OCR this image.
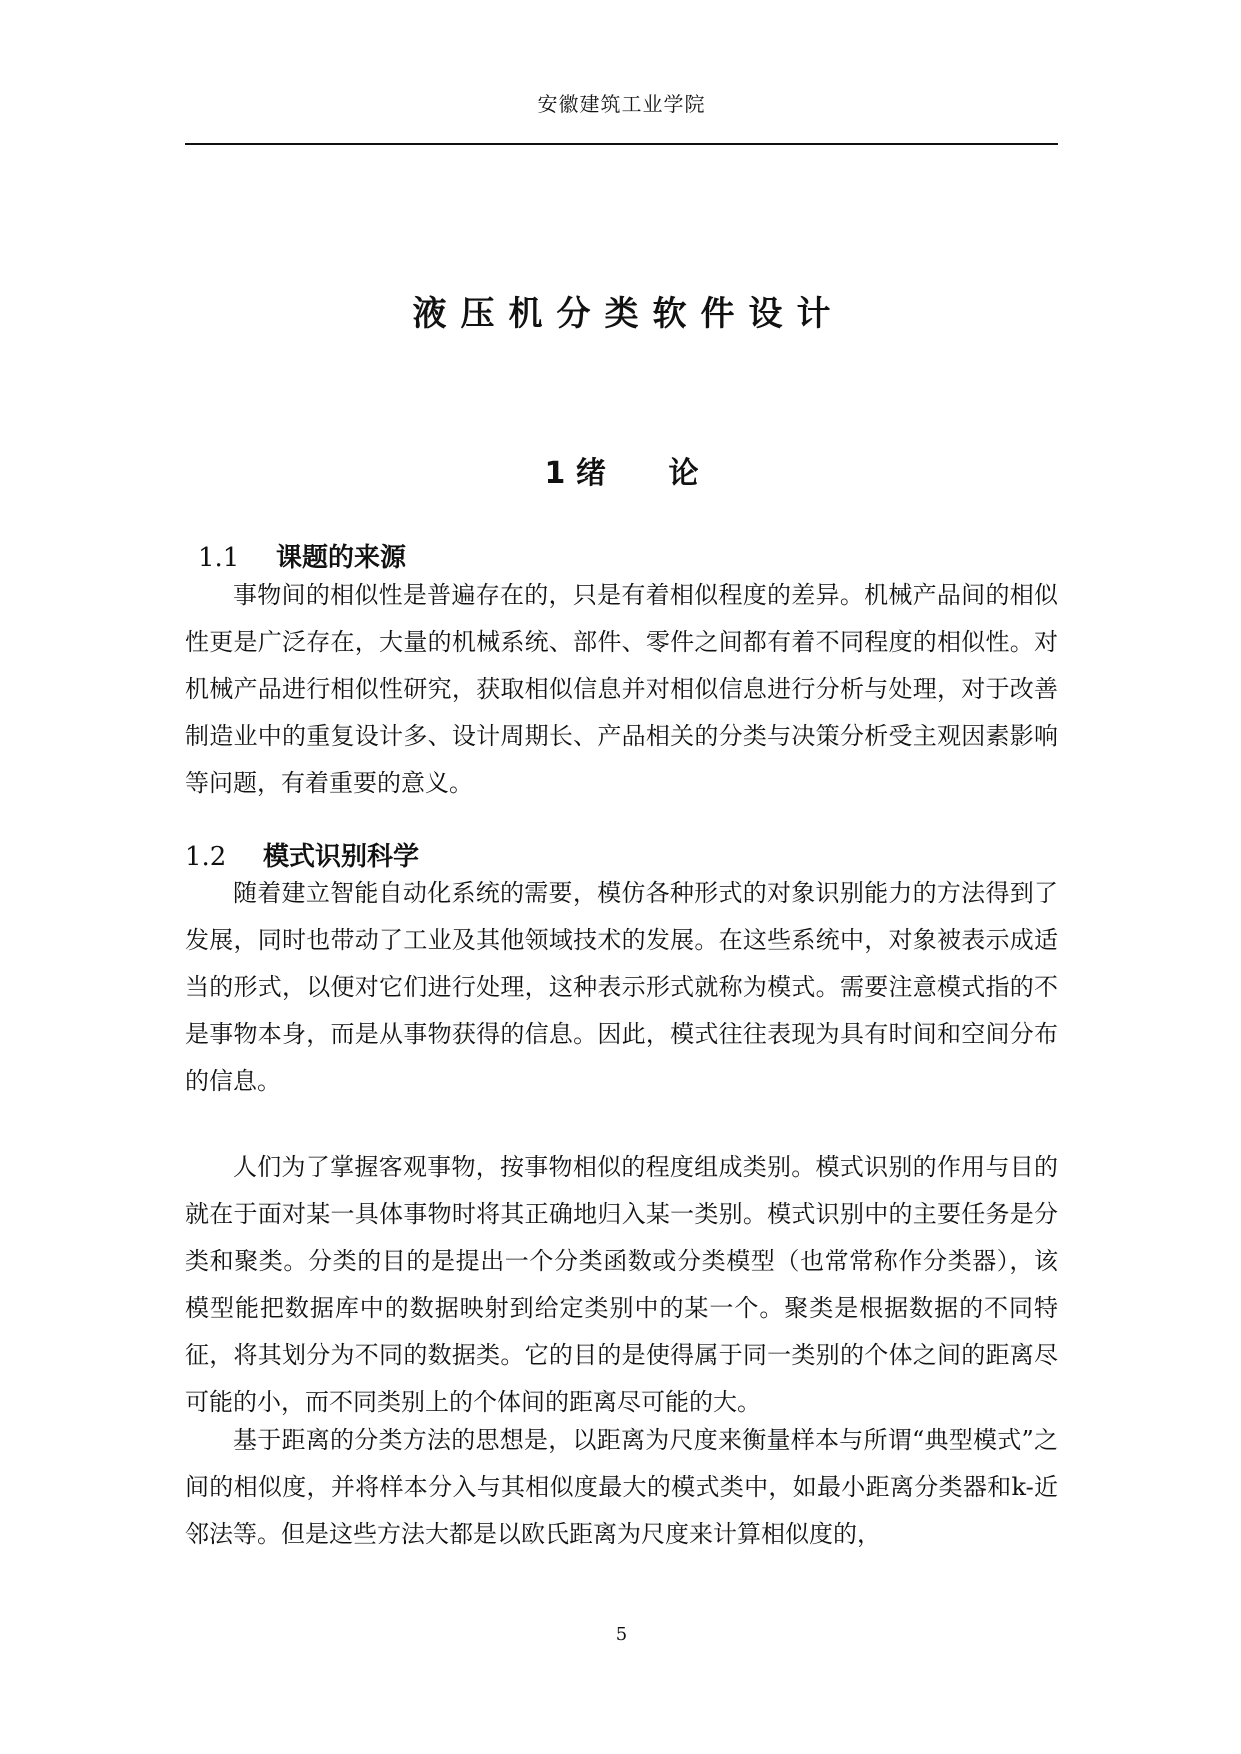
安徽建筑工业学院
液压机分类软件设计
1 绪      论
1.1 课题的来源

事物间的相似性是普遍存在的，只是有着相似程度的差异。机械产品间的相似性更是广泛存在，大量的机械系统、部件、零件之间都有着不同程度的相似性。对机械产品进行相似性研究，获取相似信息并对相似信息进行分析与处理，对于改善制造业中的重复设计多、设计周期长、产品相关的分类与决策分析受主观因素影响等问题，有着重要的意义。

1.2 模式识别科学

随着建立智能自动化系统的需要，模仿各种形式的对象识别能力的方法得到了发展，同时也带动了工业及其他领域技术的发展。在这些系统中，对象被表示成适当的形式，以便对它们进行处理，这种表示形式就称为模式。需要注意模式指的不是事物本身，而是从事物获得的信息。因此，模式往往表现为具有时间和空间分布的信息。

人们为了掌握客观事物，按事物相似的程度组成类别。模式识别的作用与目的就在于面对某一具体事物时将其正确地归入某一类别。模式识别中的主要任务是分类和聚类。分类的目的是提出一个分类函数或分类模型（也常常称作分类器），该模型能把数据库中的数据映射到给定类别中的某一个。聚类是根据数据的不同特征，将其划分为不同的数据类。它的目的是使得属于同一类别的个体之间的距离尽可能的小，而不同类别上的个体间的距离尽可能的大。

基于距离的分类方法的思想是，以距离为尺度来衡量样本与所谓“典型模式”之间的相似度，并将样本分入与其相似度最大的模式类中，如最小距离分类器和k-近邻法等。但是这些方法大都是以欧氏距离为尺度来计算相似度的，

5
